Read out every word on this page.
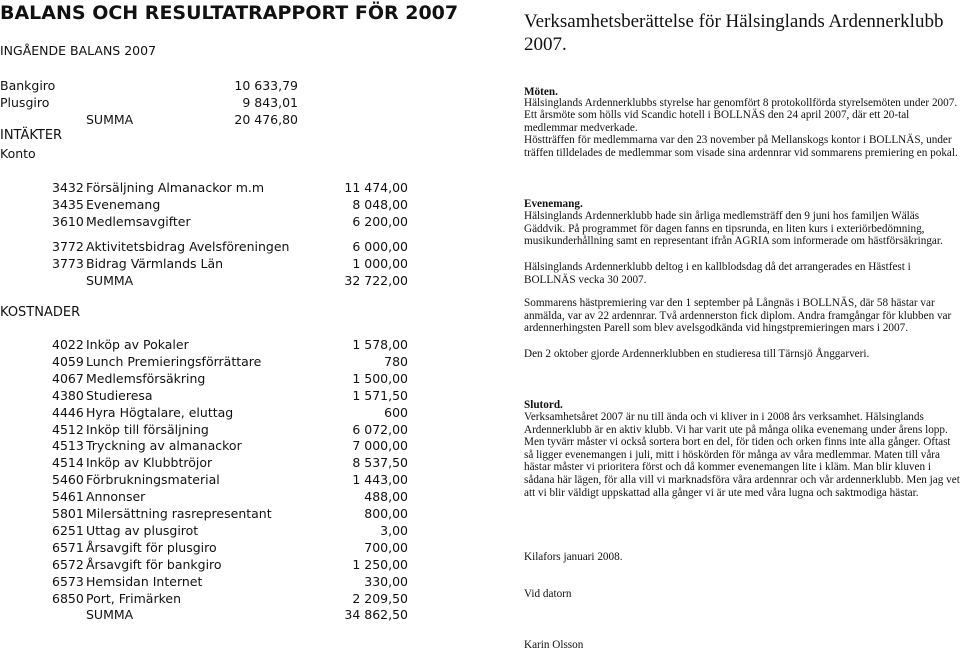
BALANS OCH RESULTATRAPPORT FÖR 2007
INGÅENDE BALANS 2007
Bankgiro	10 633,79
Plusgiro	9 843,01
SUMMA	20 476,80
INTÄKTER
Konto
3432 Försäljning Almanackor m.m	11 474,00
3435 Evenemang	8 048,00
3610 Medlemsavgifter	6 200,00
3772 Aktivitetsbidrag Avelsföreningen	6 000,00
3773 Bidrag Värmlands Län	1 000,00
SUMMA	32 722,00
KOSTNADER
4022 Inköp av Pokaler	1 578,00
4059 Lunch Premieringsförrättare	780
4067 Medlemsförsäkring	1 500,00
4380 Studieresa	1 571,50
4446 Hyra Högtalare, eluttag	600
4512 Inköp till försäljning	6 072,00
4513 Tryckning av almanackor	7 000,00
4514 Inköp av Klubbtröjor	8 537,50
5460 Förbrukningsmaterial	1 443,00
5461 Annonser	488,00
5801 Milersättning rasrepresentant	800,00
6251 Uttag av plusgirot	3,00
6571 Årsavgift för plusgiro	700,00
6572 Årsavgift för bankgiro	1 250,00
6573 Hemsidan Internet	330,00
6850 Port, Frimärken	2 209,50
SUMMA	34 862,50
Verksamhetsberättelse för Hälsinglands Ardennerklubb 2007.
Möten.
Hälsinglands Ardennerklubbs styrelse har genomfört 8 protokollförda styrelsemöten under 2007.
Ett årsmöte som hölls vid Scandic hotell i BOLLNÄS den 24 april 2007, där ett 20-tal medlemmar medverkade.
Höstträffen för medlemmarna var den 23 november på Mellanskogs kontor i BOLLNÄS, under träffen tilldelades de medlemmar som visade sina ardennrar vid sommarens premiering en pokal.
Evenemang.
Hälsinglands Ardennerklubb hade sin årliga medlemsträff den 9 juni hos familjen Wäläs Gäddvik. På programmet för dagen fanns en tipsrunda, en liten kurs i exteriörbedömning, musikunderhållning samt en representant ifrån AGRIA som informerade om hästförsäkringar.
Hälsinglands Ardennerklubb deltog i en kallblodsdag då det arrangerades en Hästfest i BOLLNÄS vecka 30 2007.
Sommarens hästpremiering var den 1 september på Långnäs i BOLLNÄS, där 58 hästar var anmälda, var av 22 ardennrar. Två ardennerston fick diplom. Andra framgångar för klubben var ardennerhingsten Parell som blev avelsgodkända vid hingstpremieringen mars i 2007.
Den 2 oktober gjorde Ardennerklubben en studieresa till Tärnsjö Ånggarveri.
Slutord.
Verksamhetsåret 2007 är nu till ända och vi kliver in i 2008 års verksamhet. Hälsinglands Ardennerklubb är en aktiv klubb. Vi har varit ute på många olika evenemang under årens lopp. Men tyvärr måster vi också sortera bort en del, för tiden och orken finns inte alla gånger. Oftast så ligger evenemangen i juli, mitt i höskörden för många av våra medlemmar. Maten till våra hästar måster vi prioritera först och då kommer evenemangen lite i kläm. Man blir kluven i sådana här lägen, för alla vill vi marknadsföra våra ardennrar och vår ardennerklubb. Men jag vet att vi blir väldigt uppskattad alla gånger vi är ute med våra lugna och saktmodiga hästar.
Kilafors januari 2008.
Vid datorn
Karin Olsson
